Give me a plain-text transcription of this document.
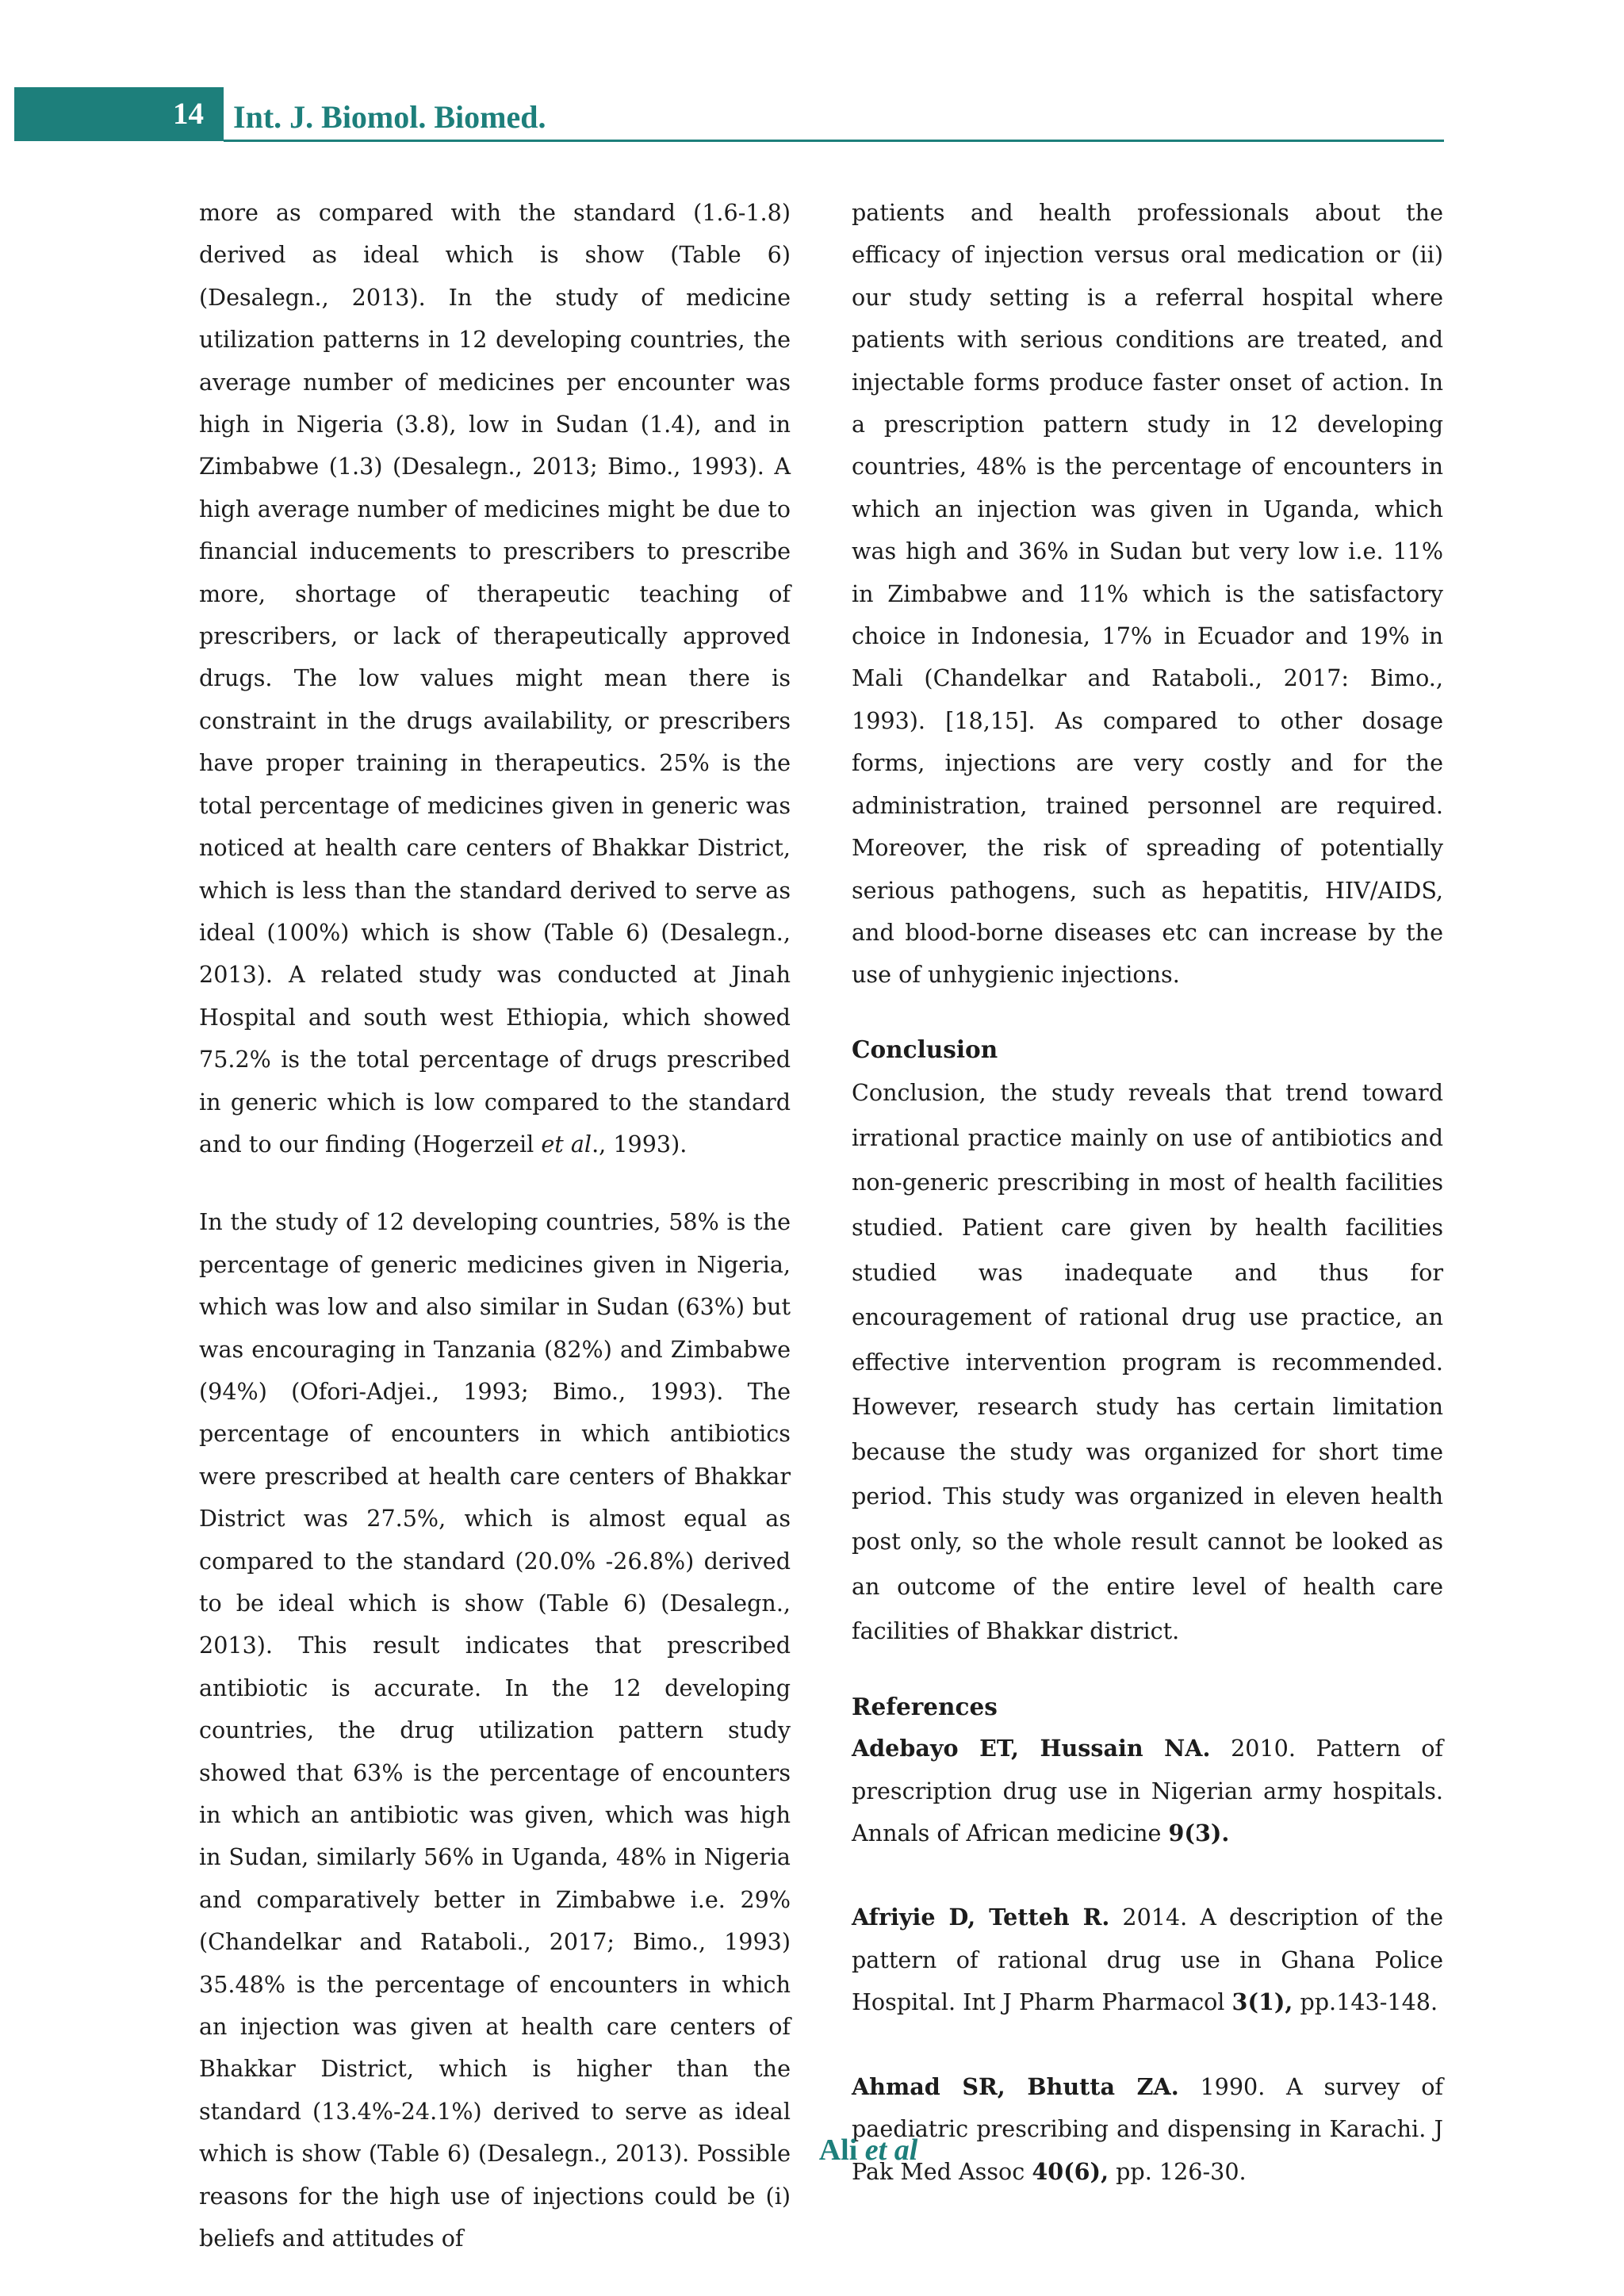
14 Int. J. Biomol. Biomed.

more as compared with the standard (1.6-1.8) derived as ideal which is show (Table 6) (Desalegn., 2013). In the study of medicine utilization patterns in 12 developing countries, the average number of medicines per encounter was high in Nigeria (3.8), low in Sudan (1.4), and in Zimbabwe (1.3) (Desalegn., 2013; Bimo., 1993). A high average number of medicines might be due to financial inducements to prescribers to prescribe more, shortage of therapeutic teaching of prescribers, or lack of therapeutically approved drugs. The low values might mean there is constraint in the drugs availability, or prescribers have proper training in therapeutics. 25% is the total percentage of medicines given in generic was noticed at health care centers of Bhakkar District, which is less than the standard derived to serve as ideal (100%) which is show (Table 6) (Desalegn., 2013). A related study was conducted at Jinah Hospital and south west Ethiopia, which showed 75.2% is the total percentage of drugs prescribed in generic which is low compared to the standard and to our finding (Hogerzeil et al., 1993).

In the study of 12 developing countries, 58% is the percentage of generic medicines given in Nigeria, which was low and also similar in Sudan (63%) but was encouraging in Tanzania (82%) and Zimbabwe (94%) (Ofori-Adjei., 1993; Bimo., 1993). The percentage of encounters in which antibiotics were prescribed at health care centers of Bhakkar District was 27.5%, which is almost equal as compared to the standard (20.0% -26.8%) derived to be ideal which is show (Table 6) (Desalegn., 2013). This result indicates that prescribed antibiotic is accurate. In the 12 developing countries, the drug utilization pattern study showed that 63% is the percentage of encounters in which an antibiotic was given, which was high in Sudan, similarly 56% in Uganda, 48% in Nigeria and comparatively better in Zimbabwe i.e. 29% (Chandelkar and Rataboli., 2017; Bimo., 1993) 35.48% is the percentage of encounters in which an injection was given at health care centers of Bhakkar District, which is higher than the standard (13.4%-24.1%) derived to serve as ideal which is show (Table 6) (Desalegn., 2013). Possible reasons for the high use of injections could be (i) beliefs and attitudes of

patients and health professionals about the efficacy of injection versus oral medication or (ii) our study setting is a referral hospital where patients with serious conditions are treated, and injectable forms produce faster onset of action. In a prescription pattern study in 12 developing countries, 48% is the percentage of encounters in which an injection was given in Uganda, which was high and 36% in Sudan but very low i.e. 11% in Zimbabwe and 11% which is the satisfactory choice in Indonesia, 17% in Ecuador and 19% in Mali (Chandelkar and Rataboli., 2017: Bimo., 1993). [18,15]. As compared to other dosage forms, injections are very costly and for the administration, trained personnel are required. Moreover, the risk of spreading of potentially serious pathogens, such as hepatitis, HIV/AIDS, and blood-borne diseases etc can increase by the use of unhygienic injections.

Conclusion

Conclusion, the study reveals that trend toward irrational practice mainly on use of antibiotics and non-generic prescribing in most of health facilities studied. Patient care given by health facilities studied was inadequate and thus for encouragement of rational drug use practice, an effective intervention program is recommended. However, research study has certain limitation because the study was organized for short time period. This study was organized in eleven health post only, so the whole result cannot be looked as an outcome of the entire level of health care facilities of Bhakkar district.

References

Adebayo ET, Hussain NA. 2010. Pattern of prescription drug use in Nigerian army hospitals. Annals of African medicine 9(3).

Afriyie D, Tetteh R. 2014. A description of the pattern of rational drug use in Ghana Police Hospital. Int J Pharm Pharmacol 3(1), pp.143-148.

Ahmad SR, Bhutta ZA. 1990. A survey of paediatric prescribing and dispensing in Karachi. J Pak Med Assoc 40(6), pp. 126-30.

Ali et al
